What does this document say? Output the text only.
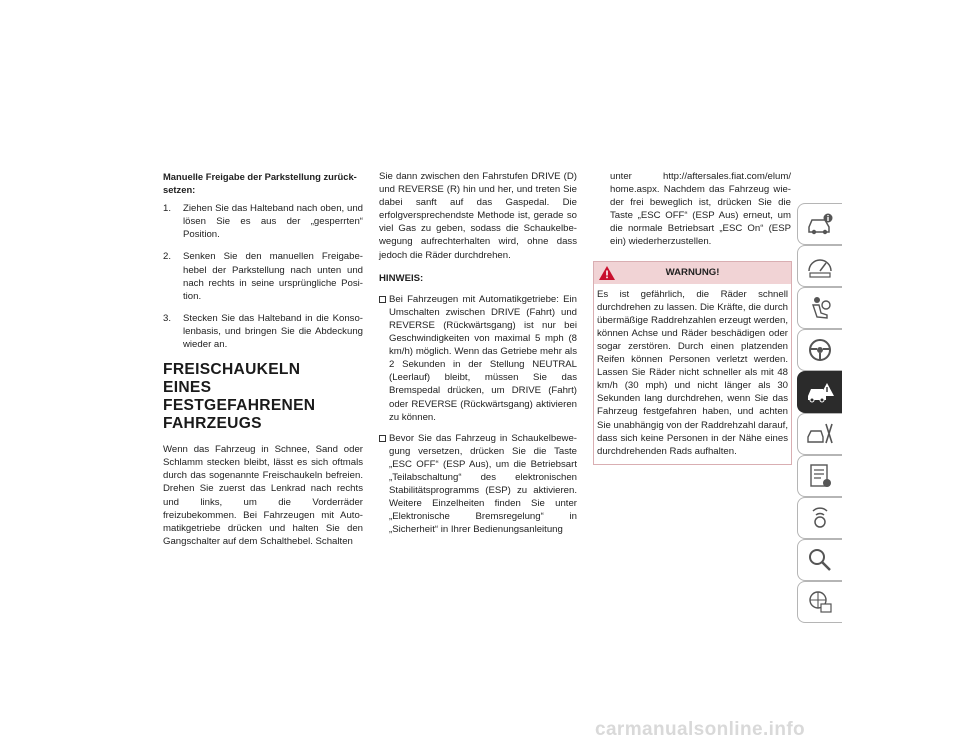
Manuelle Freigabe der Parkstellung zurück-setzen:

1. Ziehen Sie das Halteband nach oben, und lösen Sie es aus der „gesperrten“ Position.
2. Senken Sie den manuellen Freigabe-hebel der Parkstellung nach unten und nach rechts in seine ursprüngliche Posi-tion.
3. Stecken Sie das Halteband in die Konso-lenbasis, und bringen Sie die Abdeckung wieder an.
FREISCHAUKELN EINES FESTGEFAHRENEN FAHRZEUGS

Wenn das Fahrzeug in Schnee, Sand oder Schlamm stecken bleibt, lässt es sich oftmals durch das sogenannte Freischaukeln befreien. Drehen Sie zuerst das Lenkrad nach rechts und links, um die Vorderräder freizubekommen. Bei Fahrzeugen mit Auto-matikgetriebe drücken und halten Sie den Gangschalter auf dem Schalthebel. Schalten

Sie dann zwischen den Fahrstufen DRIVE (D) und REVERSE (R) hin und her, und treten Sie dabei sanft auf das Gaspedal. Die erfolgversprechendste Methode ist, gerade so viel Gas zu geben, sodass die Schaukelbe-wegung aufrechterhalten wird, ohne dass jedoch die Räder durchdrehen.

HINWEIS:

Bei Fahrzeugen mit Automatikgetriebe: Ein Umschalten zwischen DRIVE (Fahrt) und REVERSE (Rückwärtsgang) ist nur bei Geschwindigkeiten von maximal 5 mph (8 km/h) möglich. Wenn das Getriebe mehr als 2 Sekunden in der Stellung NEUTRAL (Leerlauf) bleibt, müssen Sie das Bremspedal drücken, um DRIVE (Fahrt) oder REVERSE (Rückwärtsgang) aktivieren zu können.
Bevor Sie das Fahrzeug in Schaukelbewe-gung versetzen, drücken Sie die Taste „ESC OFF“ (ESP Aus), um die Betriebsart „Teilabschaltung“ des elektronischen Stabilitätsprogramms (ESP) zu aktivieren. Weitere Einzelheiten finden Sie unter „Elektronische Bremsregelung“ in „Sicherheit“ in Ihrer Bedienungsanleitung

unter http://aftersales.fiat.com/elum/ home.aspx. Nachdem das Fahrzeug wie-der frei beweglich ist, drücken Sie die Taste „ESC OFF“ (ESP Aus) erneut, um die normale Betriebsart „ESC On“ (ESP ein) wiederherzustellen.

WARNUNG!

Es ist gefährlich, die Räder schnell durchdrehen zu lassen. Die Kräfte, die durch übermäßige Raddrehzahlen erzeugt werden, können Achse und Räder beschädigen oder sogar zerstören. Durch einen platzenden Reifen können Personen verletzt werden. Lassen Sie Räder nicht schneller als mit 48 km/h (30 mph) und nicht länger als 30 Sekunden lang durchdrehen, wenn Sie das Fahrzeug festgefahren haben, und achten Sie unabhängig von der Raddrehzahl darauf, dass sich keine Personen in der Nähe eines durchdrehenden Rads aufhalten.

carmanualsonline.info
